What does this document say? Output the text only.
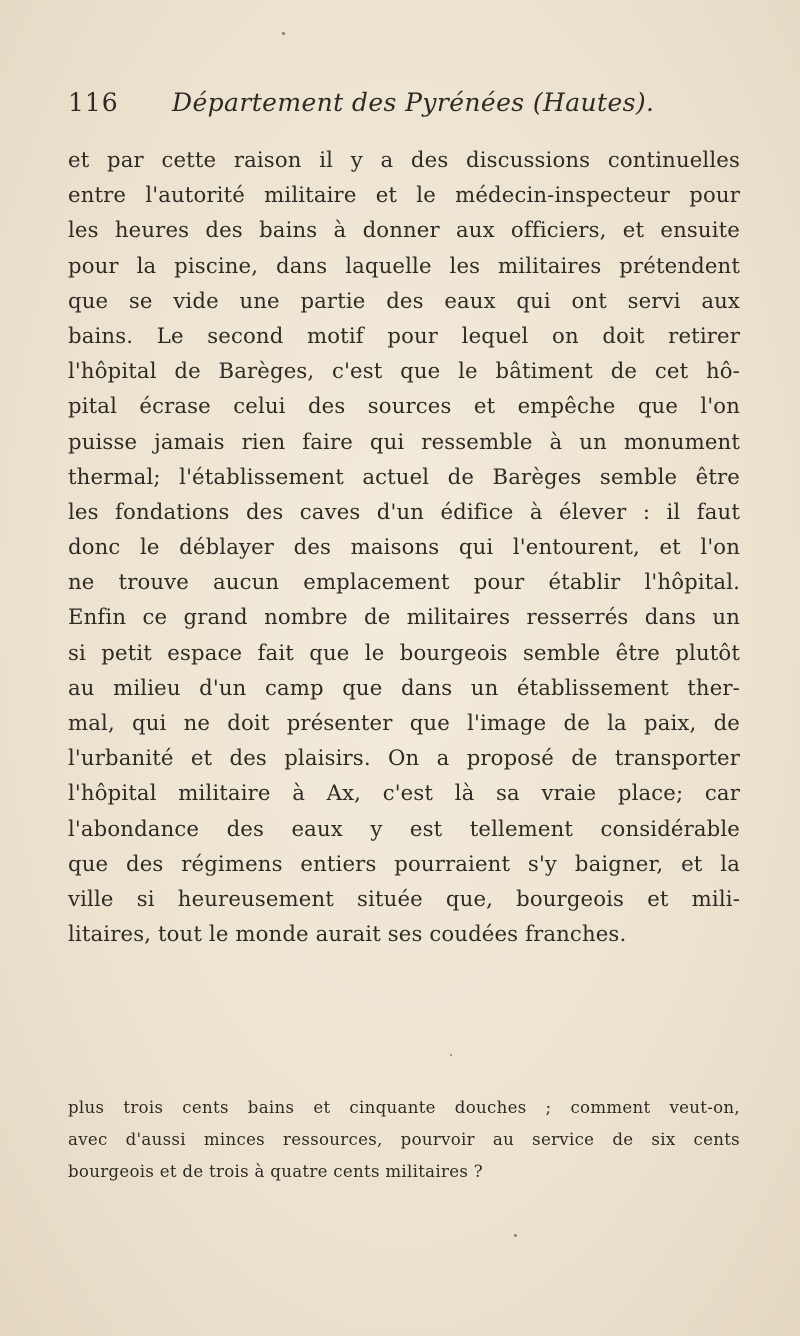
116 Département des Pyrénées (Hautes).
et par cette raison il y a des discussions continuelles
entre l'autorité militaire et le médecin-inspecteur pour
les heures des bains à donner aux officiers, et ensuite
pour la piscine, dans laquelle les militaires prétendent
que se vide une partie des eaux qui ont servi aux
bains. Le second motif pour lequel on doit retirer
l'hôpital de Barèges, c'est que le bâtiment de cet hô-
pital écrase celui des sources et empêche que l'on
puisse jamais rien faire qui ressemble à un monument
thermal; l'établissement actuel de Barèges semble être
les fondations des caves d'un édifice à élever : il faut
donc le déblayer des maisons qui l'entourent, et l'on
ne trouve aucun emplacement pour établir l'hôpital.
Enfin ce grand nombre de militaires resserrés dans un
si petit espace fait que le bourgeois semble être plutôt
au milieu d'un camp que dans un établissement ther-
mal, qui ne doit présenter que l'image de la paix, de
l'urbanité et des plaisirs. On a proposé de transporter
l'hôpital militaire à Ax, c'est là sa vraie place; car
l'abondance des eaux y est tellement considérable
que des régimens entiers pourraient s'y baigner, et la
ville si heureusement située que, bourgeois et mili-
litaires, tout le monde aurait ses coudées franches.
plus trois cents bains et cinquante douches ; comment veut-on,
avec d'aussi minces ressources, pourvoir au service de six cents
bourgeois et de trois à quatre cents militaires ?
